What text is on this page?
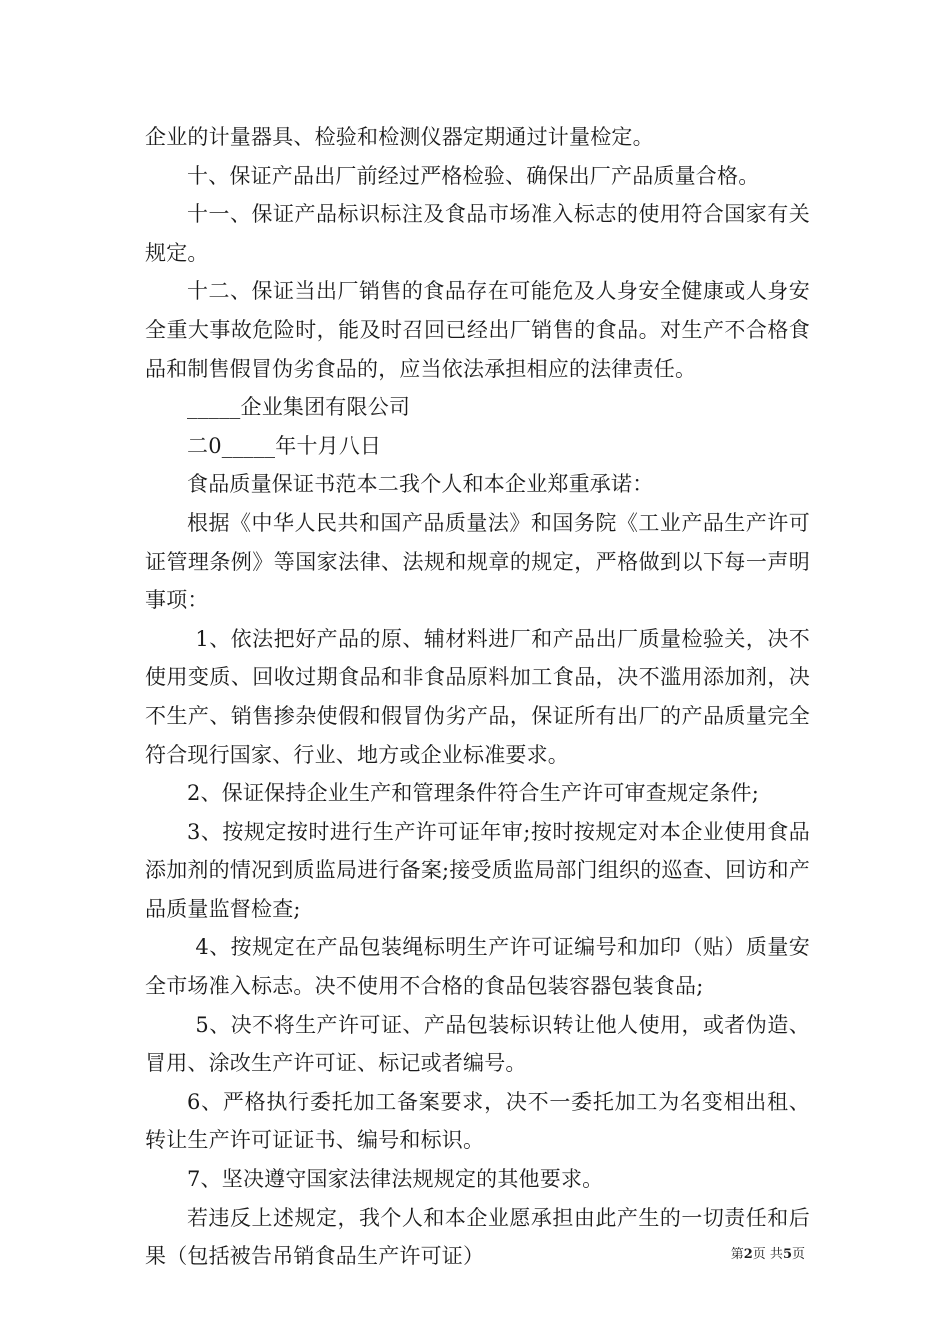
企业的计量器具、检验和检测仪器定期通过计量检定。

十、保证产品出厂前经过严格检验、确保出厂产品质量合格。

十一、保证产品标识标注及食品市场准入标志的使用符合国家有关规定。

十二、保证当出厂销售的食品存在可能危及人身安全健康或人身安全重大事故危险时，能及时召回已经出厂销售的食品。对生产不合格食品和制售假冒伪劣食品的，应当依法承担相应的法律责任。

_____企业集团有限公司

二0_____年十月八日

食品质量保证书范本二我个人和本企业郑重承诺：

根据《中华人民共和国产品质量法》和国务院《工业产品生产许可证管理条例》等国家法律、法规和规章的规定，严格做到以下每一声明事项：

1、依法把好产品的原、辅材料进厂和产品出厂质量检验关，决不使用变质、回收过期食品和非食品原料加工食品，决不滥用添加剂，决不生产、销售掺杂使假和假冒伪劣产品，保证所有出厂的产品质量完全符合现行国家、行业、地方或企业标准要求。

2、保证保持企业生产和管理条件符合生产许可审查规定条件;

3、按规定按时进行生产许可证年审;按时按规定对本企业使用食品添加剂的情况到质监局进行备案;接受质监局部门组织的巡查、回访和产品质量监督检查;

4、按规定在产品包装绳标明生产许可证编号和加印（贴）质量安全市场准入标志。决不使用不合格的食品包装容器包装食品;

5、决不将生产许可证、产品包装标识转让他人使用，或者伪造、冒用、涂改生产许可证、标记或者编号。

6、严格执行委托加工备案要求，决不一委托加工为名变相出租、转让生产许可证证书、编号和标识。

7、坚决遵守国家法律法规规定的其他要求。

若违反上述规定，我个人和本企业愿承担由此产生的一切责任和后果（包括被告吊销食品生产许可证）	第2页 共5页
